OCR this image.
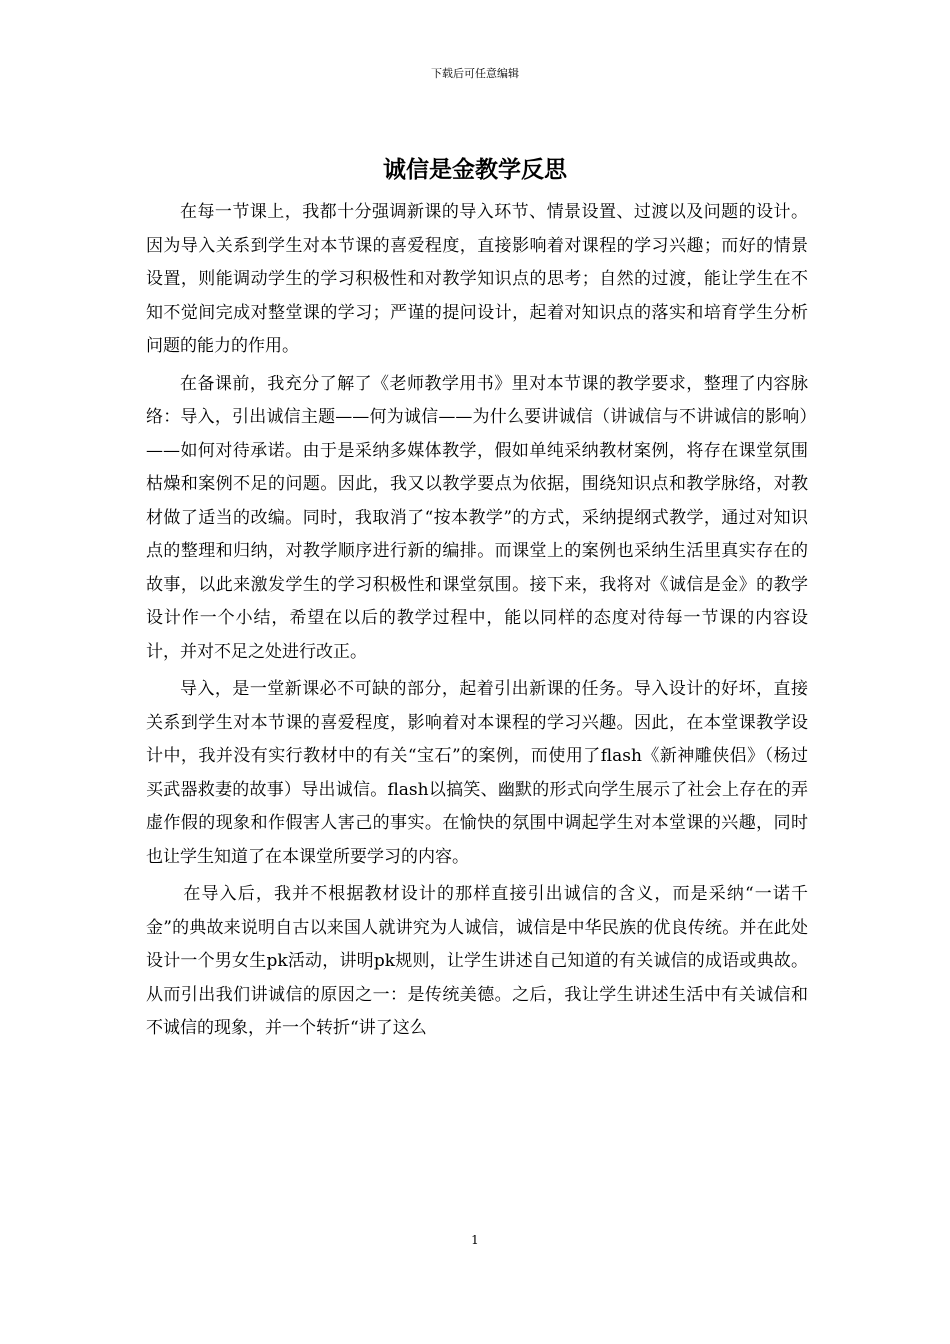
下载后可任意编辑
诚信是金教学反思

在每一节课上，我都十分强调新课的导入环节、情景设置、过渡以及问题的设计。因为导入关系到学生对本节课的喜爱程度，直接影响着对课程的学习兴趣；而好的情景设置，则能调动学生的学习积极性和对教学知识点的思考；自然的过渡，能让学生在不知不觉间完成对整堂课的学习；严谨的提问设计，起着对知识点的落实和培育学生分析问题的能力的作用。

在备课前，我充分了解了《老师教学用书》里对本节课的教学要求，整理了内容脉络：导入，引出诚信主题——何为诚信——为什么要讲诚信（讲诚信与不讲诚信的影响）——如何对待承诺。由于是采纳多媒体教学，假如单纯采纳教材案例，将存在课堂氛围枯燥和案例不足的问题。因此，我又以教学要点为依据，围绕知识点和教学脉络，对教材做了适当的改编。同时，我取消了“按本教学”的方式，采纳提纲式教学，通过对知识点的整理和归纳，对教学顺序进行新的编排。而课堂上的案例也采纳生活里真实存在的故事，以此来激发学生的学习积极性和课堂氛围。接下来，我将对《诚信是金》的教学设计作一个小结，希望在以后的教学过程中，能以同样的态度对待每一节课的内容设计，并对不足之处进行改正。

导入，是一堂新课必不可缺的部分，起着引出新课的任务。导入设计的好坏，直接关系到学生对本节课的喜爱程度，影响着对本课程的学习兴趣。因此，在本堂课教学设计中，我并没有实行教材中的有关“宝石”的案例，而使用了flash《新神雕侠侣》（杨过买武器救妻的故事）导出诚信。flash以搞笑、幽默的形式向学生展示了社会上存在的弄虚作假的现象和作假害人害己的事实。在愉快的氛围中调起学生对本堂课的兴趣，同时也让学生知道了在本课堂所要学习的内容。

在导入后，我并不根据教材设计的那样直接引出诚信的含义，而是采纳“一诺千金”的典故来说明自古以来国人就讲究为人诚信，诚信是中华民族的优良传统。并在此处设计一个男女生pk活动，讲明pk规则，让学生讲述自己知道的有关诚信的成语或典故。从而引出我们讲诚信的原因之一：是传统美德。之后，我让学生讲述生活中有关诚信和不诚信的现象，并一个转折“讲了这么

1
